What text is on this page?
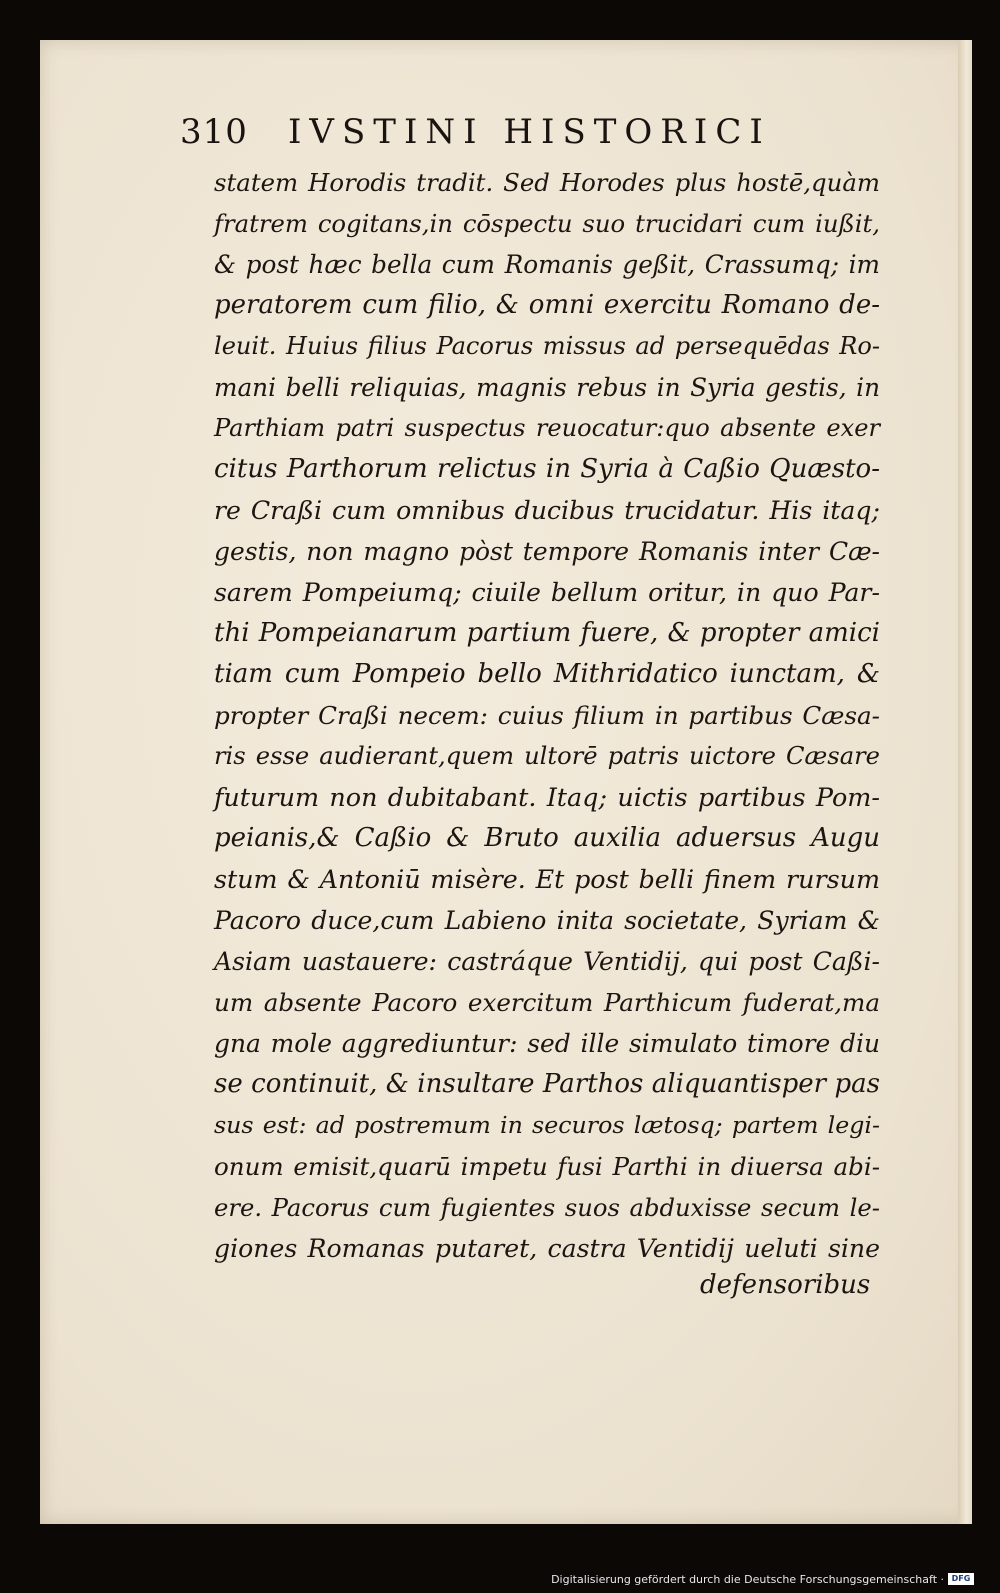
310 IVSTINI HISTORICI
statem Horodis tradit. Sed Horodes plus hostē,quàm
fratrem cogitans,in cōspectu suo trucidari cum iußit,
& post hæc bella cum Romanis geßit, Crassumq; im
peratorem cum filio, & omni exercitu Romano de-
leuit. Huius filius Pacorus missus ad persequēdas Ro-
mani belli reliquias, magnis rebus in Syria gestis, in
Parthiam patri suspectus reuocatur:quo absente exer
citus Parthorum relictus in Syria à Caßio Quæsto-
re Craßi cum omnibus ducibus trucidatur. His itaq;
gestis, non magno pòst tempore Romanis inter Cæ-
sarem Pompeiumq; ciuile bellum oritur, in quo Par-
thi Pompeianarum partium fuere, & propter amici
tiam cum Pompeio bello Mithridatico iunctam, &
propter Craßi necem: cuius filium in partibus Cæsa-
ris esse audierant,quem ultorē patris uictore Cæsare
futurum non dubitabant. Itaq; uictis partibus Pom-
peianis,& Caßio & Bruto auxilia aduersus Augu
stum & Antoniū misère. Et post belli finem rursum
Pacoro duce,cum Labieno inita societate, Syriam &
Asiam uastauere: castráque Ventidij, qui post Caßi-
um absente Pacoro exercitum Parthicum fuderat,ma
gna mole aggrediuntur: sed ille simulato timore diu
se continuit, & insultare Parthos aliquantisper pas
sus est: ad postremum in securos lætosq; partem legi-
onum emisit,quarū impetu fusi Parthi in diuersa abi-
ere. Pacorus cum fugientes suos abduxisse secum le-
giones Romanas putaret, castra Ventidij ueluti sine
defensoribus
Digitalisierung gefördert durch die Deutsche Forschungsgemeinschaft · DFG
